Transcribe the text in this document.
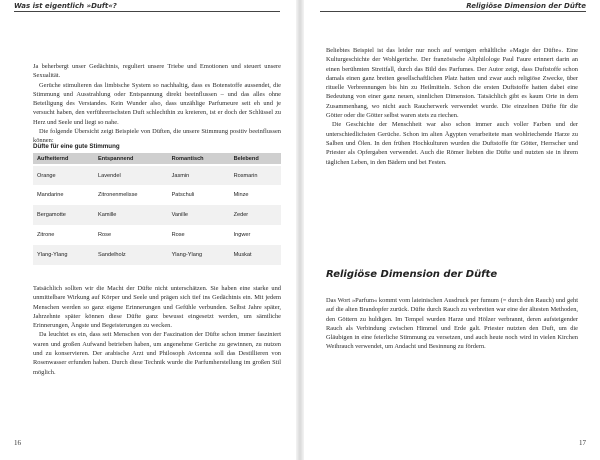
Was ist eigentlich »Duft«?

Ja beherbergt unser Gedächtnis, reguliert unsere Triebe und Emotionen und steuert unsere Sexualität.

Gerüche stimulieren das limbische System so nachhaltig, dass es Botenstoffe aussendet, die Stimmung und Ausstrahlung oder Entspannung direkt beeinflussen – und das alles ohne Beteiligung des Verstandes. Kein Wunder also, dass unzählige Parfumeure seit eh und je versucht haben, den verführerischsten Duft schlechthin zu kreieren, ist er doch der Schlüssel zu Herz und Seele und liegt so nahe.

Die folgende Übersicht zeigt Beispiele von Düften, die unsere Stimmung positiv beeinflussen können:

Düfte für eine gute Stimmung
Aufheiternd	Entspannend	Romantisch	Belebend
Orange	Lavendel	Jasmin	Rosmarin
Mandarine	Zitronenmelisse	Patschuli	Minze
Bergamotte	Kamille	Vanille	Zeder
Zitrone	Rose	Rose	Ingwer
Ylang-Ylang	Sandelholz	Ylang-Ylang	Muskat

Tatsächlich sollten wir die Macht der Düfte nicht unterschätzen. Sie haben eine starke und unmittelbare Wirkung auf Körper und Seele und prägen sich tief ins Gedächtnis ein. Mit jedem Menschen werden so ganz eigene Erinnerungen und Gefühle verbunden. Selbst Jahre später, Jahrzehnte später können diese Düfte ganz bewusst eingesetzt werden, um sämtliche Erinnerungen, Ängste und Begeisterungen zu wecken.

Da leuchtet es ein, dass seit Menschen von der Faszination der Düfte schon immer fasziniert waren und großen Aufwand betrieben haben, um angenehme Gerüche zu gewinnen, zu nutzen und zu konservieren. Der arabische Arzt und Philosoph Avicenna soll das Destillieren von Rosenwasser erfunden haben. Durch diese Technik wurde die Parfumherstellung im großen Stil möglich.

16
Religiöse Dimension der Düfte

Beliebtes Beispiel ist das leider nur noch auf wenigen erhältliche »Magie der Düfte«. Eine Kulturgeschichte der Wohlgerüche. Der französische Altphilologe Paul Faure erinnert darin an einen berühmten Streitfall, durch das Bild des Parfumes. Der Autor zeigt, dass Duftstoffe schon damals einen ganz breiten gesellschaftlichen Platz hatten und zwar auch religiöse Zwecke, über rituelle Verbrennungen bis hin zu Heilmitteln. Schon die ersten Duftstoffe hatten dabei eine Bedeutung von einer ganz neuen, sinnlichen Dimension. Tatsächlich gibt es kaum Orte in dem Zusammenhang, wo nicht auch Raucherwerk verwendet wurde. Die einzelnen Düfte für die Götter oder die Götter selbst waren stets zu riechen.

Die Geschichte der Menschheit war also schon immer auch voller Farben und der unterschiedlichsten Gerüche. Schon im alten Ägypten verarbeitete man wohlriechende Harze zu Salben und Ölen. In den frühen Hochkulturen wurden die Duftstoffe für Götter, Herrscher und Priester als Opfergaben verwendet. Auch die Römer liebten die Düfte und nutzten sie in ihrem täglichen Leben, in den Bädern und bei Festen.

Religiöse Dimension der Düfte

Das Wort »Parfum« kommt vom lateinischen Ausdruck per fumum (= durch den Rauch) und geht auf die alten Brandopfer zurück. Düfte durch Rauch zu verbreiten war eine der ältesten Methoden, den Göttern zu huldigen. Im Tempel wurden Harze und Hölzer verbrannt, deren aufsteigender Rauch als Verbindung zwischen Himmel und Erde galt. Priester nutzten den Duft, um die Gläubigen in eine feierliche Stimmung zu versetzen, und auch heute noch wird in vielen Kirchen Weihrauch verwendet, um Andacht und Besinnung zu fördern.

17
